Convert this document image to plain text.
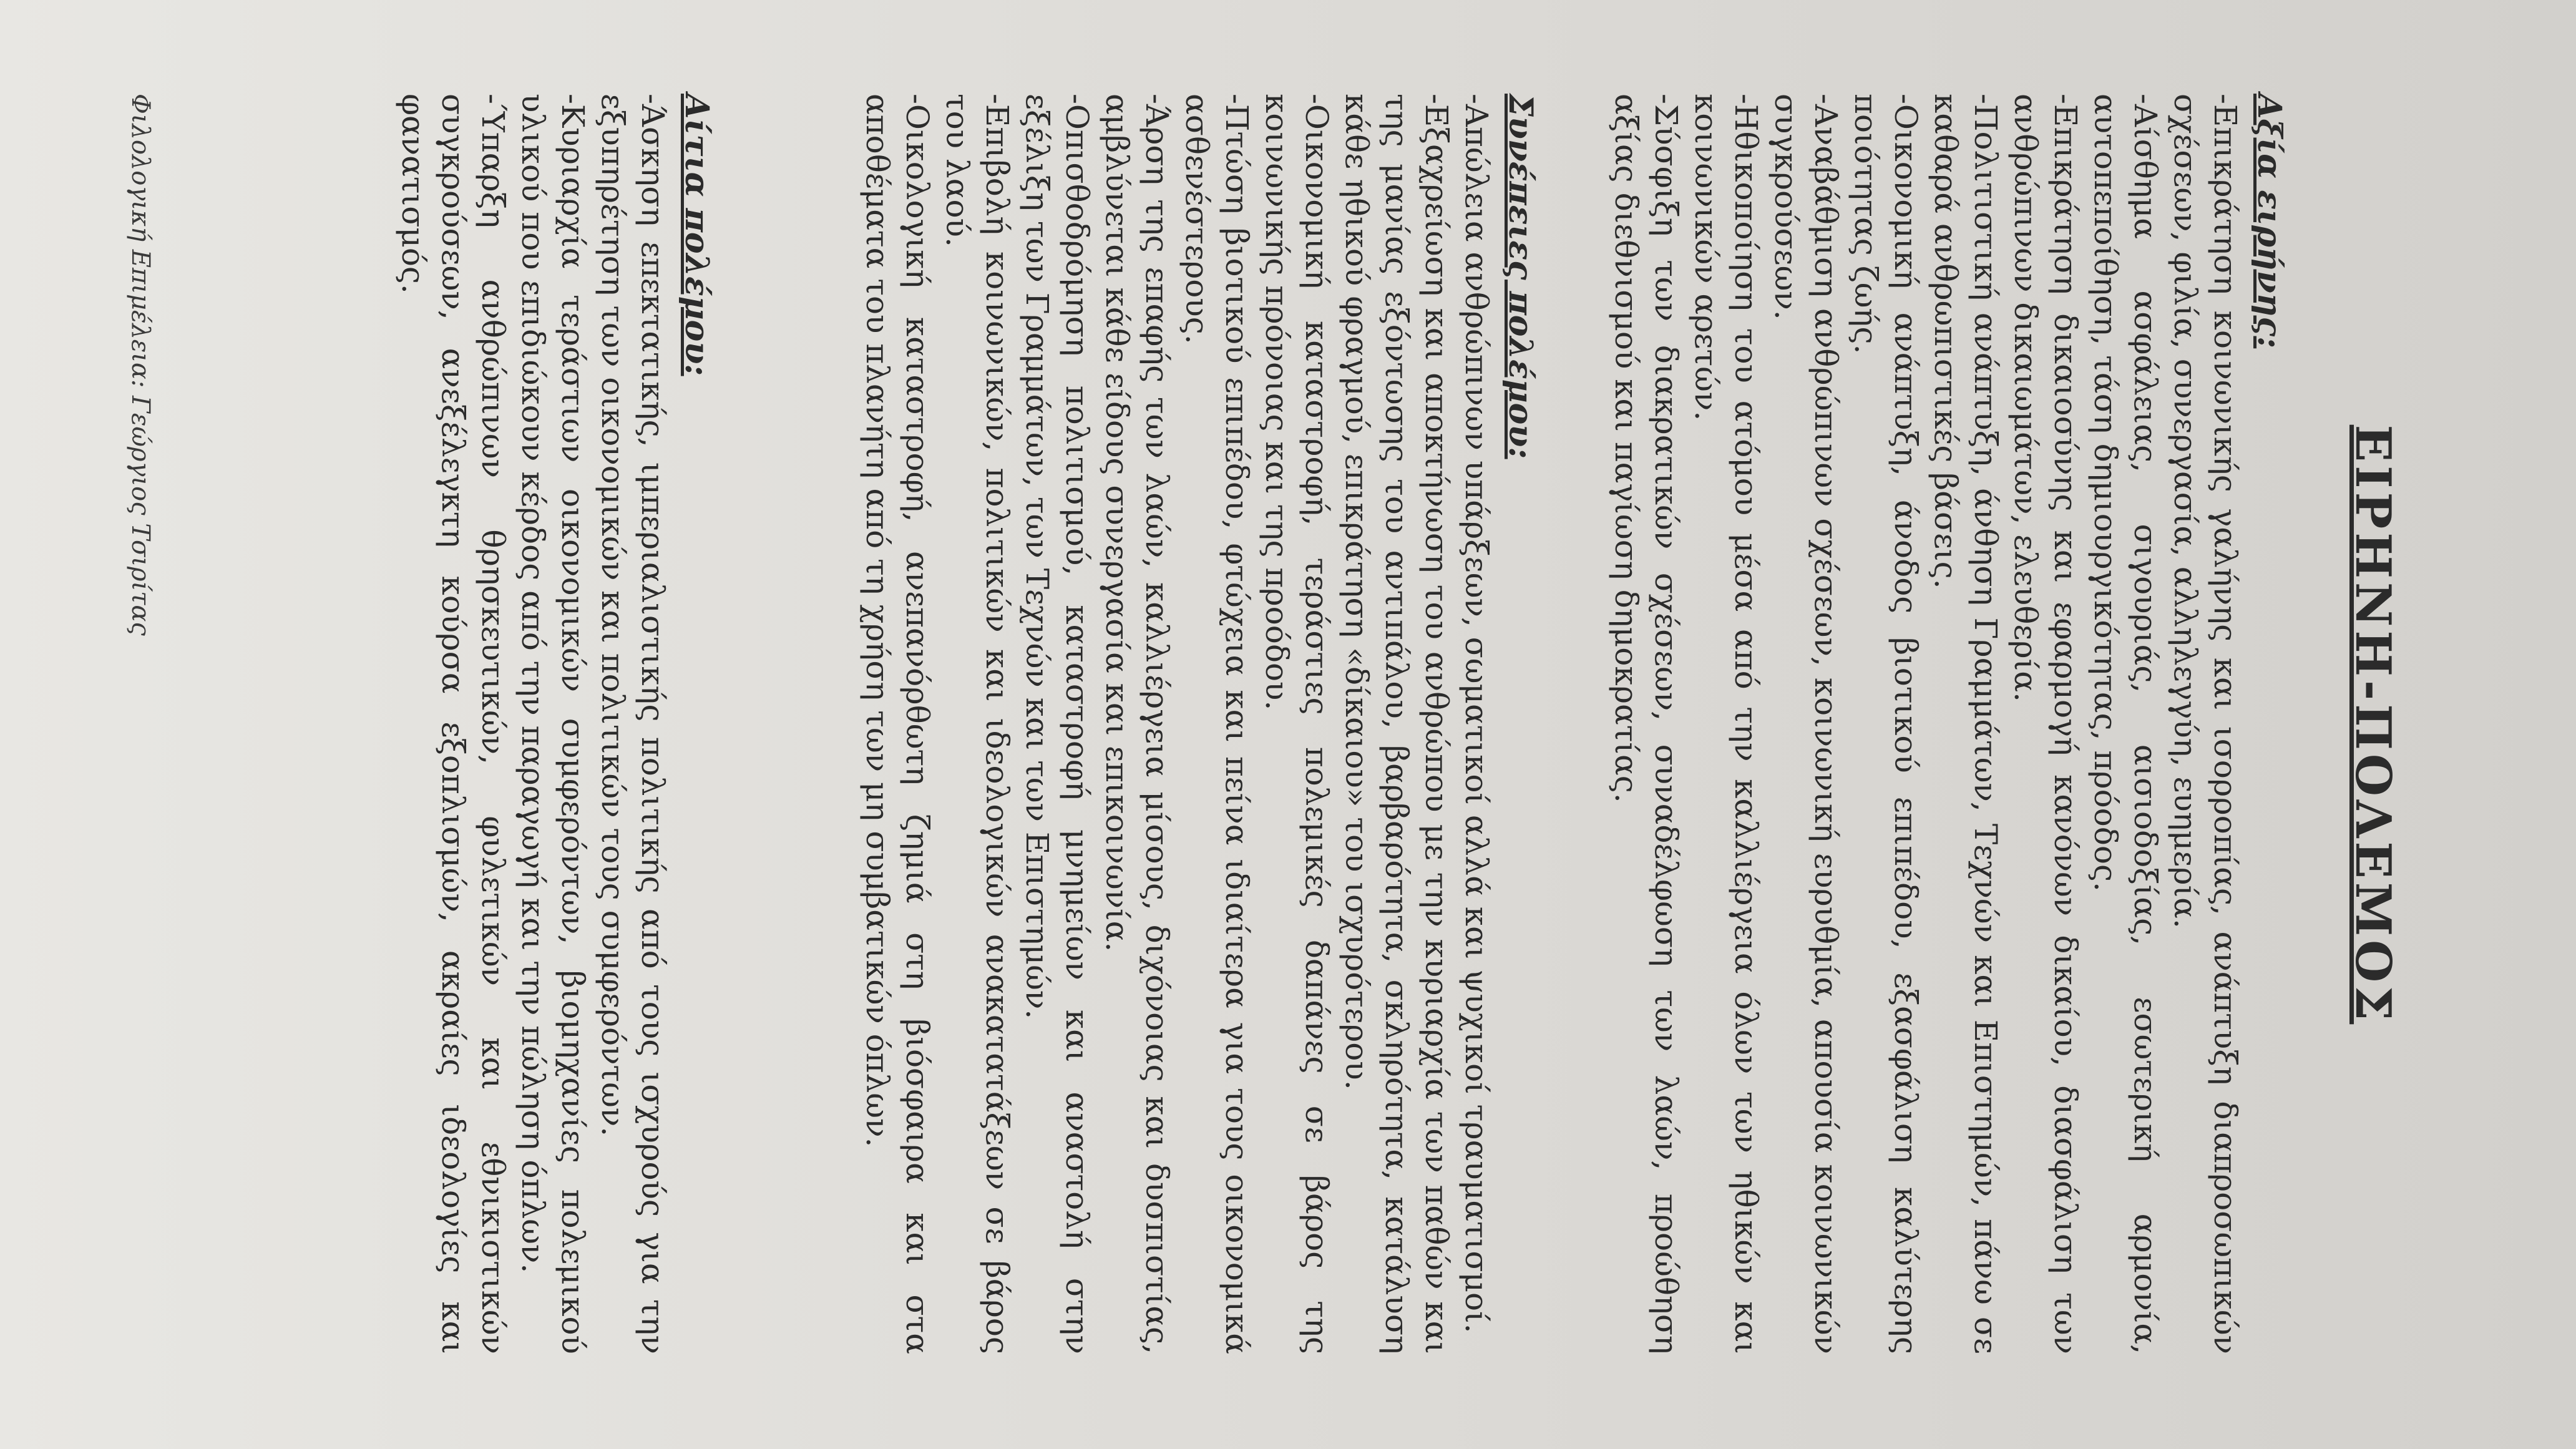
ΕΙΡΗΝΗ-ΠΟΛΕΜΟΣ
Αξία ειρήνης:
-Επικράτηση κοινωνικής γαλήνης και ισορροπίας, ανάπτυξη διαπροσωπικών σχέσεων, φιλία, συνεργασία, αλληλεγγύη, ευημερία.
-Αίσθημα ασφάλειας, σιγουριάς, αισιοδοξίας, εσωτερική αρμονία, αυτοπεποίθηση, τάση δημιουργικότητας, πρόοδος.
-Επικράτηση δικαιοσύνης και εφαρμογή κανόνων δικαίου, διασφάλιση των ανθρώπινων δικαιωμάτων, ελευθερία.
-Πολιτιστική ανάπτυξη, άνθηση Γραμμάτων, Τεχνών και Επιστημών, πάνω σε καθαρά ανθρωπιστικές βάσεις.
-Οικονομική ανάπτυξη, άνοδος βιοτικού επιπέδου, εξασφάλιση καλύτερης ποιότητας ζωής.
-Αναβάθμιση ανθρώπινων σχέσεων, κοινωνική ευρυθμία, απουσία κοινωνικών συγκρούσεων.
-Ηθικοποίηση του ατόμου μέσα από την καλλιέργεια όλων των ηθικών και κοινωνικών αρετών.
-Σύσφιξη των διακρατικών σχέσεων, συναδέλφωση των λαών, προώθηση αξίας διεθνισμού και παγίωση δημοκρατίας.
Συνέπειες πολέμου:
-Απώλεια ανθρώπινων υπάρξεων, σωματικοί αλλά και ψυχικοί τραυματισμοί.
-Εξαχρείωση και αποκτήνωση του ανθρώπου με την κυριαρχία των παθών και της μανίας εξόντωσης του αντιπάλου, βαρβαρότητα, σκληρότητα, κατάλυση κάθε ηθικού φραγμού, επικράτηση «δίκαιου» του ισχυρότερου.
-Οικονομική καταστροφή, τεράστιες πολεμικές δαπάνες σε βάρος της κοινωνικής πρόνοιας και της προόδου.
-Πτώση βιοτικού επιπέδου, φτώχεια και πείνα ιδιαίτερα για τους οικονομικά ασθενέστερους.
-Άρση της επαφής των λαών, καλλιέργεια μίσους, διχόνοιας και δυσπιστίας, αμβλύνεται κάθε είδους συνεργασία και επικοινωνία.
-Οπισθοδρόμηση πολιτισμού, καταστροφή μνημείων και αναστολή στην εξέλιξη των Γραμμάτων, των Τεχνών και των Επιστημών.
-Επιβολή κοινωνικών, πολιτικών και ιδεολογικών ανακατατάξεων σε βάρος του λαού.
-Οικολογική καταστροφή, ανεπανόρθωτη ζημιά στη βιόσφαιρα και στα αποθέματα του πλανήτη από τη χρήση των μη συμβατικών όπλων.
Αίτια πολέμου:
-Άσκηση επεκτατικής, ιμπεριαλιστικής πολιτικής από τους ισχυρούς για την εξυπηρέτηση των οικονομικών και πολιτικών τους συμφερόντων.
-Κυριαρχία τεράστιων οικονομικών συμφερόντων, βιομηχανίες πολεμικού υλικού που επιδιώκουν κέρδος από την παραγωγή και την πώληση όπλων.
-Ύπαρξη ανθρώπινων θρησκευτικών, φυλετικών και εθνικιστικών συγκρούσεων, ανεξέλεγκτη κούρσα εξοπλισμών, ακραίες ιδεολογίες και φανατισμός.
Φιλολογική Επιμέλεια: Γεώργιος Τσιρίτας
